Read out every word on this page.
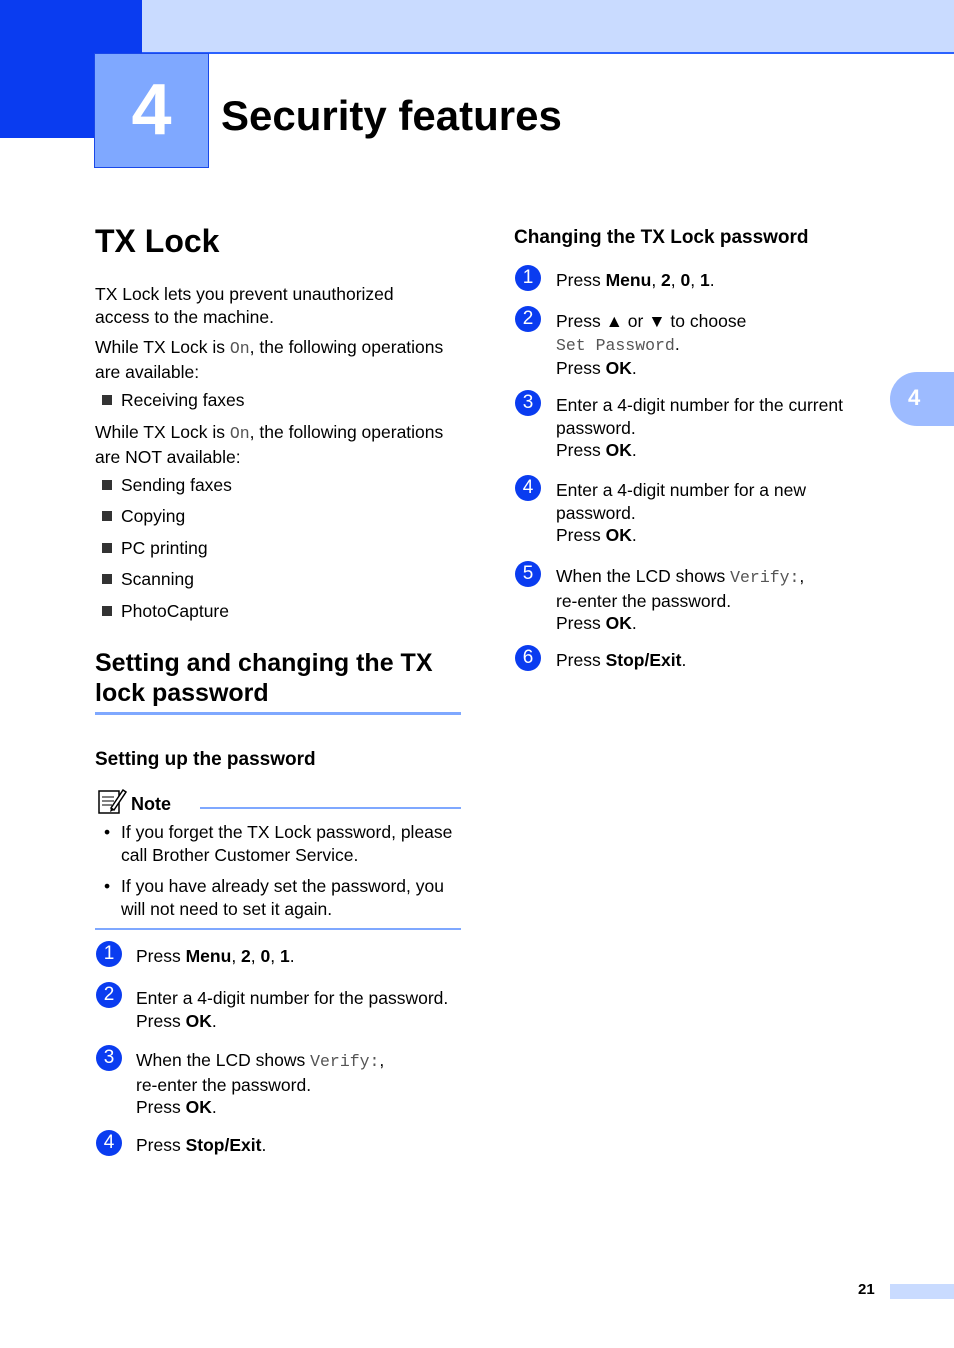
4	Security features
4
TX Lock
TX Lock lets you prevent unauthorized access to the machine.
While TX Lock is On, the following operations are available:
Receiving faxes
While TX Lock is On, the following operations are NOT available:
Sending faxes
Copying
PC printing
Scanning
PhotoCapture
Setting and changing the TX
lock password
Setting up the password
Note
• If you forget the TX Lock password, please call Brother Customer Service.
• If you have already set the password, you will not need to set it again.
1	Press Menu, 2, 0, 1.
2	Enter a 4-digit number for the password.
Press OK.
3	When the LCD shows Verify:,
re-enter the password.
Press OK.
4	Press Stop/Exit.
Changing the TX Lock password
1	Press Menu, 2, 0, 1.
2	Press ▲ or ▼ to choose
Set Password.
Press OK.
3	Enter a 4-digit number for the current
password.
Press OK.
4	Enter a 4-digit number for a new
password.
Press OK.
5	When the LCD shows Verify:,
re-enter the password.
Press OK.
6	Press Stop/Exit.
21
